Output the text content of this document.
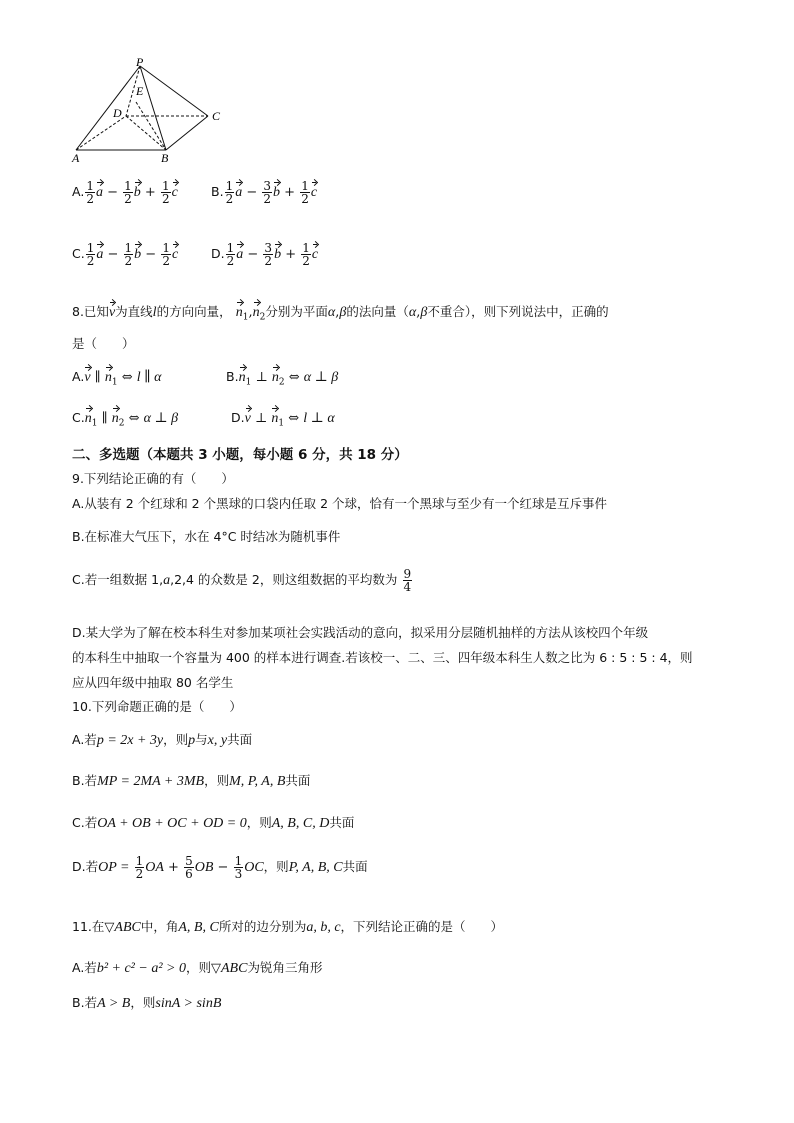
P
E
D	C
A	B
A. $\frac{1}{2}$ $a - \frac{1}{2}$ $b + \frac{1}{2}$ c	B. $\frac{1}{2}$ $a - \frac{3}{2}$ $b + \frac{1}{2}$ c
C. $\frac{1}{2}$ $a - \frac{1}{2}$ $b - \frac{1}{2}$ c	D. $\frac{1}{2}$ $a - \frac{3}{2}$ $b + \frac{1}{2}$ c
8.已知v为直线l的方向向量， $n_1,n_2$分别为平面α,β的法向量（α,β不重合），则下列说法中，正确的
是（　　）
A.v ∥ $n_1$ ⇔ l ∥ α	$B.n_1$ ⊥ $n_2$ ⇔ α ⊥ β
$C.n_1$ ∥ $n_2$ ⇔ α ⊥ β	D.v ⊥ $n_1$ ⇔ l ⊥ α
二、多选题（本题共 3 小题，每小题 6 分，共 18 分）
9.下列结论正确的有（　　）
A.从装有 2 个红球和 2 个黑球的口袋内任取 2 个球，恰有一个黑球与至少有一个红球是互斥事件
B.在标准大气压下，水在 4°C 时结冰为随机事件
C.若一组数据 1,a,2,4 的众数是 2，则这组数据的平均数为 $\frac{9}{4}$
D.某大学为了解在校本科生对参加某项社会实践活动的意向，拟采用分层随机抽样的方法从该校四个年级
的本科生中抽取一个容量为 400 的样本进行调查.若该校一、二、三、四年级本科生人数之比为 6 : 5 : 5 : 4，则
应从四年级中抽取 80 名学生
10.下列命题正确的是（　　）
A.若p = 2x + 3y，则p与x, y共面
B.若MP = 2MA + 3MB，则M, P, A, B共面
C.若OA + OB + OC + OD = 0，则A, B, C, D共面
D.若OP = $\frac{1}{2}$ OA + $\frac{5}{6}$ OB − $\frac{1}{3}$ OC，则P, A, B, C共面
11.在▽ABC中，角A, B, C所对的边分别为a, b, c，下列结论正确的是（　　）
A.若b² + c² − a² > 0，则▽ABC为锐角三角形
B.若A > B，则sinA > sinB
